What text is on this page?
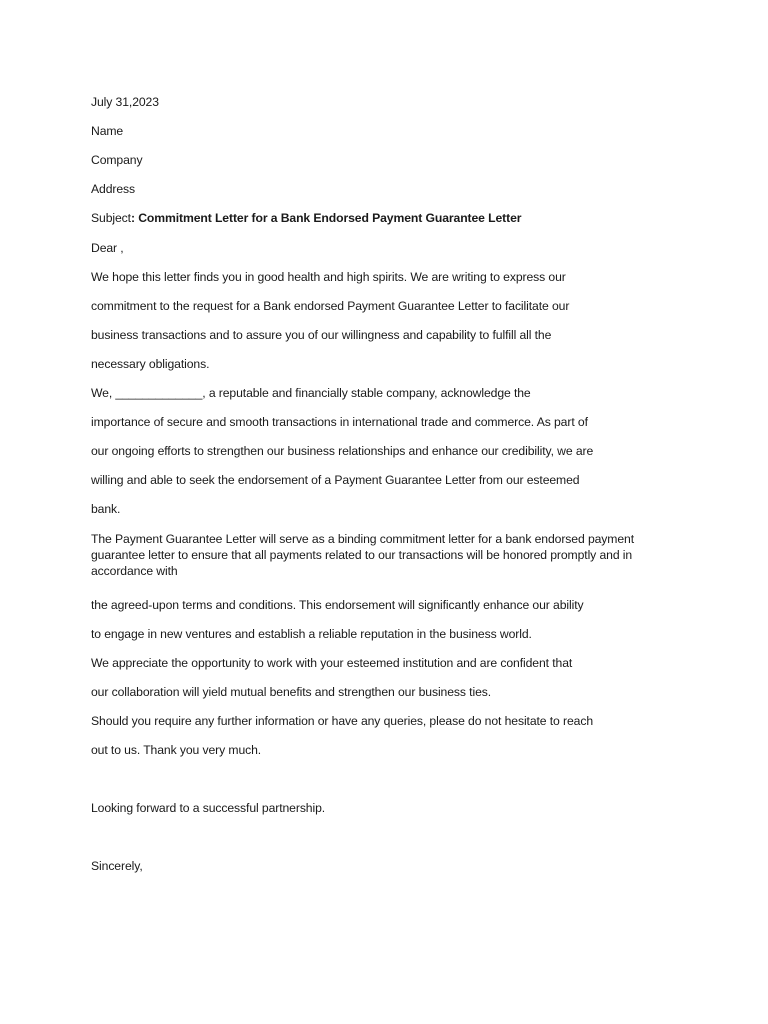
July 31,2023
Name
Company
Address
Subject: Commitment Letter for a Bank Endorsed Payment Guarantee Letter
Dear ,
We hope this letter finds you in good health and high spirits. We are writing to express our
commitment to the request for a Bank endorsed Payment Guarantee Letter to facilitate our
business transactions and to assure you of our willingness and capability to fulfill all the
necessary obligations.
We, _____________, a reputable and financially stable company, acknowledge the
importance of secure and smooth transactions in international trade and commerce. As part of
our ongoing efforts to strengthen our business relationships and enhance our credibility, we are
willing and able to seek the endorsement of a Payment Guarantee Letter from our esteemed
bank.
The Payment Guarantee Letter will serve as a binding commitment letter for a bank endorsed payment guarantee letter to ensure that all payments related to our transactions will be honored promptly and in accordance with
the agreed-upon terms and conditions. This endorsement will significantly enhance our ability
to engage in new ventures and establish a reliable reputation in the business world.
We appreciate the opportunity to work with your esteemed institution and are confident that
our collaboration will yield mutual benefits and strengthen our business ties.
Should you require any further information or have any queries, please do not hesitate to reach
out to us. Thank you very much.
Looking forward to a successful partnership.
Sincerely,
